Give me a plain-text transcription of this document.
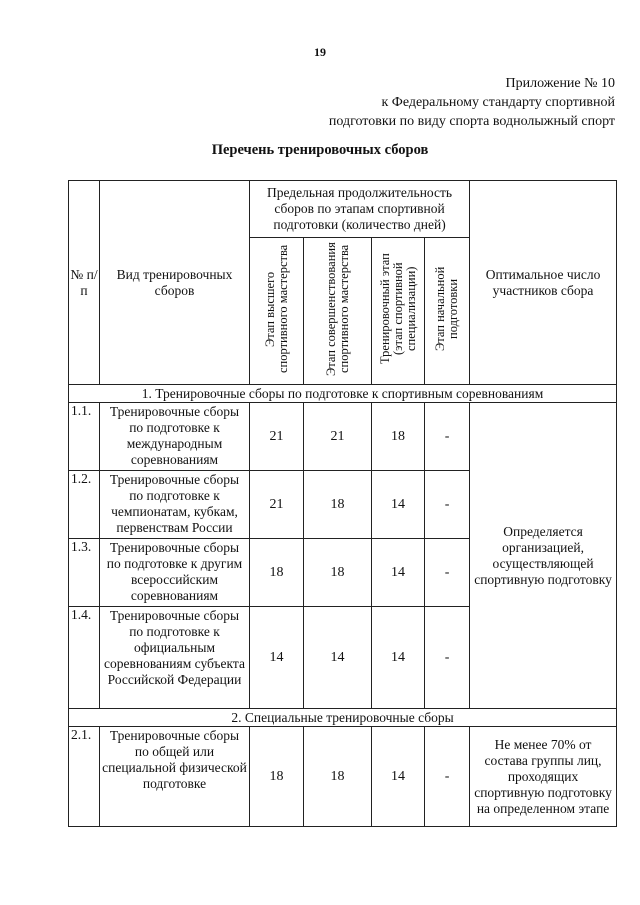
19
Приложение № 10
к Федеральному стандарту спортивной
подготовки по виду спорта воднолыжный спорт
Перечень тренировочных сборов
№ п/п	Вид тренировочных сборов	Предельная продолжительность сборов по этапам спортивной подготовки (количество дней)				Оптимальное число участников сбора
		Этап высшего спортивного мастерства	Этап совершенствования спортивного мастерства	Тренировочный этап (этап спортивной специализации)	Этап начальной подготовки	
1. Тренировочные сборы по подготовке к спортивным соревнованиям						
1.1.	Тренировочные сборы по подготовке к международным соревнованиям	21	21	18	-	Определяется организацией, осуществляющей спортивную подготовку
1.2.	Тренировочные сборы по подготовке к чемпионатам, кубкам, первенствам России	21	18	14	-	
1.3.	Тренировочные сборы по подготовке к другим всероссийским соревнованиям	18	18	14	-	
1.4.	Тренировочные сборы по подготовке к официальным соревнованиям субъекта Российской Федерации	14	14	14	-	
2. Специальные тренировочные сборы						
2.1.	Тренировочные сборы по общей или специальной физической подготовке	18	18	14	-	Не менее 70% от состава группы лиц, проходящих спортивную подготовку на определенном этапе
